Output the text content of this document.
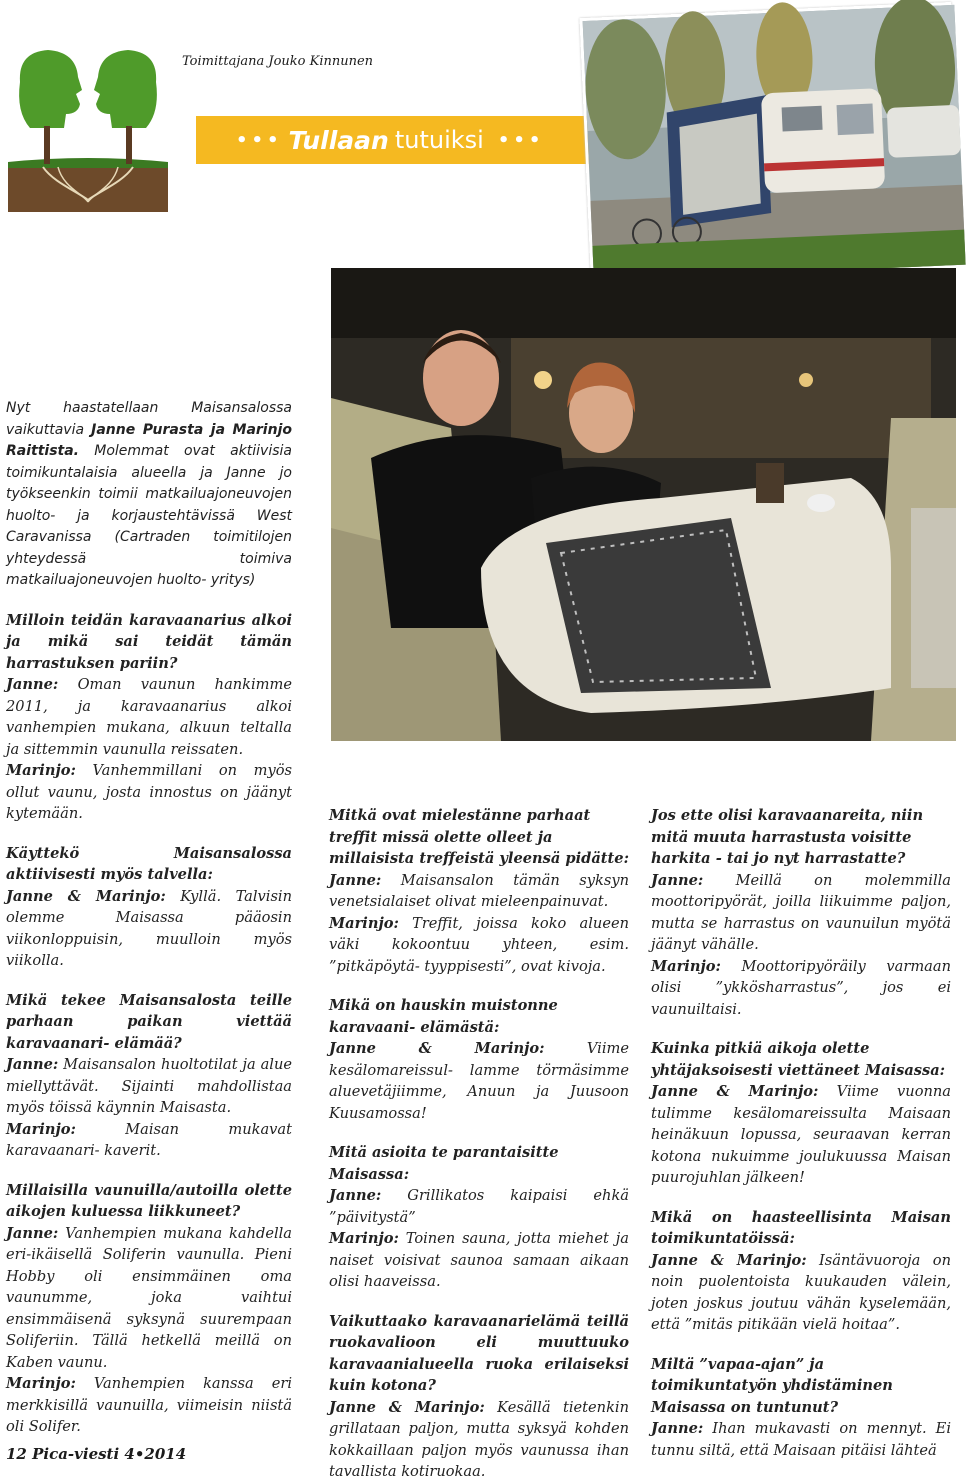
Toimittajana Jouko Kinnunen
••• Tullaan tutuiksi •••

Nyt haastatellaan Maisansalossa vaikuttavia Janne Purasta ja Marinjo Raittista. Molemmat ovat aktiivisia toimikuntalaisia alueella ja Janne jo työkseenkin toimii matkailuajoneuvojen huolto- ja korjaustehtävissä West Caravanissa (Cartraden toimitilojen yhteydessä toimiva matkailuajoneuvojen huolto- yritys)

Milloin teidän karavaanarius alkoi ja mikä sai teidät tämän harrastuksen pariin?

Janne: Oman vaunun hankimme 2011, ja karavaanarius alkoi vanhempien mukana, alkuun teltalla ja sittemmin vaunulla reissaten.

Marinjo: Vanhemmillani on myös ollut vaunu, josta innostus on jäänyt kytemään.

Käyttekö Maisansalossa aktiivisesti myös talvella:

Janne & Marinjo: Kyllä. Talvisin olemme Maisassa pääosin viikonloppuisin, muulloin myös viikolla.

Mikä tekee Maisansalosta teille parhaan paikan viettää karavaanari- elämää?

Janne: Maisansalon huoltotilat ja alue miellyttävät. Sijainti mahdollistaa myös töissä käynnin Maisasta.

Marinjo: Maisan mukavat karavaanari- kaverit.

Millaisilla vaunuilla/autoilla olette aikojen kuluessa liikkuneet?

Janne: Vanhempien mukana kahdella eri-ikäisellä Soliferin vaunulla. Pieni Hobby oli ensimmäinen oma vaunumme, joka vaihtui ensimmäisenä syksynä suurempaan Soliferiin. Tällä hetkellä meillä on Kaben vaunu.

Marinjo: Vanhempien kanssa eri merkkisillä vaunuilla, viimeisin niistä oli Solifer.

Mitkä ovat mielestänne parhaat treffit missä olette olleet ja millaisista treffeistä yleensä pidätte:

Janne: Maisansalon tämän syksyn venetsialaiset olivat mieleenpainuvat.

Marinjo: Treffit, joissa koko alueen väki kokoontuu yhteen, esim. ”pitkäpöytä- tyyppisesti”, ovat kivoja.

Mikä on hauskin muistonne karavaani- elämästä:

Janne & Marinjo: Viime kesälomareissul- lamme törmäsimme aluevetäjiimme, Anuun ja Juusoon Kuusamossa!

Mitä asioita te parantaisitte Maisassa:

Janne: Grillikatos kaipaisi ehkä ”päivitystä”

Marinjo: Toinen sauna, jotta miehet ja naiset voisivat saunoa samaan aikaan olisi haaveissa.

Vaikuttaako karavaanarielämä teillä ruokavalioon eli muuttuuko karavaanialueella ruoka erilaiseksi kuin kotona?

Janne & Marinjo: Kesällä tietenkin grillataan paljon, mutta syksyä kohden kokkaillaan paljon myös vaunussa ihan tavallista kotiruokaa.

Jos ette olisi karavaanareita, niin mitä muuta harrastusta voisitte harkita - tai jo nyt harrastatte?

Janne: Meillä on molemmilla moottoripyörät, joilla liikuimme paljon, mutta se harrastus on vaunuilun myötä jäänyt vähälle.

Marinjo: Moottoripyöräily varmaan olisi ”ykkösharrastus”, jos ei vaunuiltaisi.

Kuinka pitkiä aikoja olette yhtäjaksoisesti viettäneet Maisassa:

Janne & Marinjo: Viime vuonna tulimme kesälomareissulta Maisaan heinäkuun lopussa, seuraavan kerran kotona nukuimme joulukuussa Maisan puurojuhlan jälkeen!

Mikä on haasteellisinta Maisan toimikuntatöissä:

Janne & Marinjo: Isäntävuoroja on noin puolentoista kuukauden välein, joten joskus joutuu vähän kyselemään, että ”mitäs pitikään vielä hoitaa”.

Miltä ”vapaa-ajan” ja toimikuntatyön yhdistäminen Maisassa on tuntunut?

Janne: Ihan mukavasti on mennyt. Ei tunnu siltä, että Maisaan pitäisi lähteä

12 Pica-viesti 4•2014
